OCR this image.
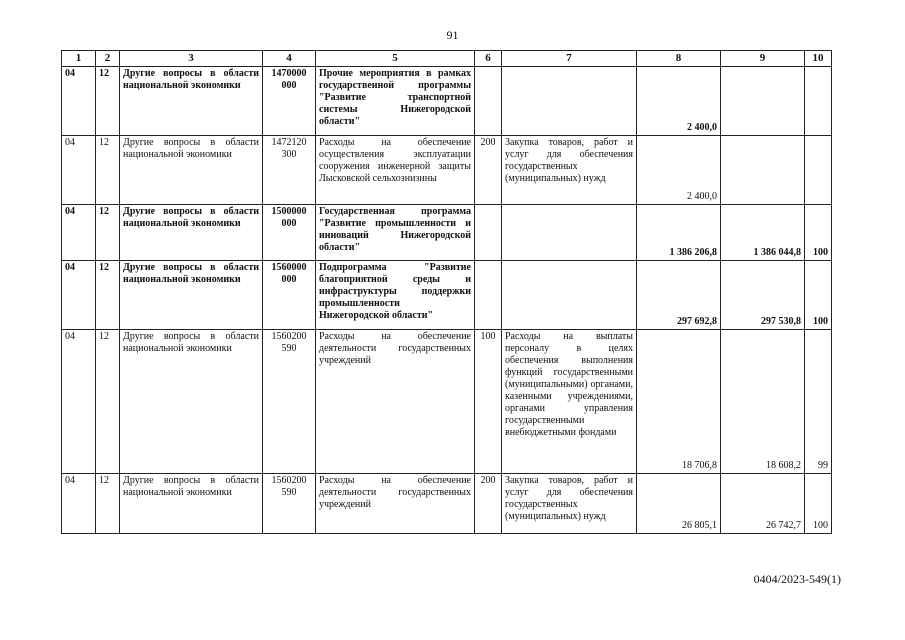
91
1	2	3	4	5	6	7	8	9	10
04	12	Другие вопросы в области национальной экономики	1470000 000	Прочие мероприятия в рамках государственной программы "Развитие транспортной системы Нижегородской области"			2 400,0		
04	12	Другие вопросы в области национальной экономики	1472120 300	Расходы на обеспечение осуществления эксплуатации сооружения инженерной защиты Лысковской сельхознизины	200	Закупка товаров, работ и услуг для обеспечения государственных (муниципальных) нужд	2 400,0		
04	12	Другие вопросы в области национальной экономики	1500000 000	Государственная программа "Развитие промышленности и инноваций Нижегородской области"			1 386 206,8	1 386 044,8	100
04	12	Другие вопросы в области национальной экономики	1560000 000	Подпрограмма "Развитие благоприятной среды и инфраструктуры поддержки промышленности Нижегородской области"			297 692,8	297 530,8	100
04	12	Другие вопросы в области национальной экономики	1560200 590	Расходы на обеспечение деятельности государственных учреждений	100	Расходы на выплаты персоналу в целях обеспечения выполнения функций государственными (муниципальными) органами, казенными учреждениями, органами управления государственными внебюджетными фондами	18 706,8	18 608,2	99
04	12	Другие вопросы в области национальной экономики	1560200 590	Расходы на обеспечение деятельности государственных учреждений	200	Закупка товаров, работ и услуг для обеспечения государственных (муниципальных) нужд	26 805,1	26 742,7	100
0404/2023-549(1)
